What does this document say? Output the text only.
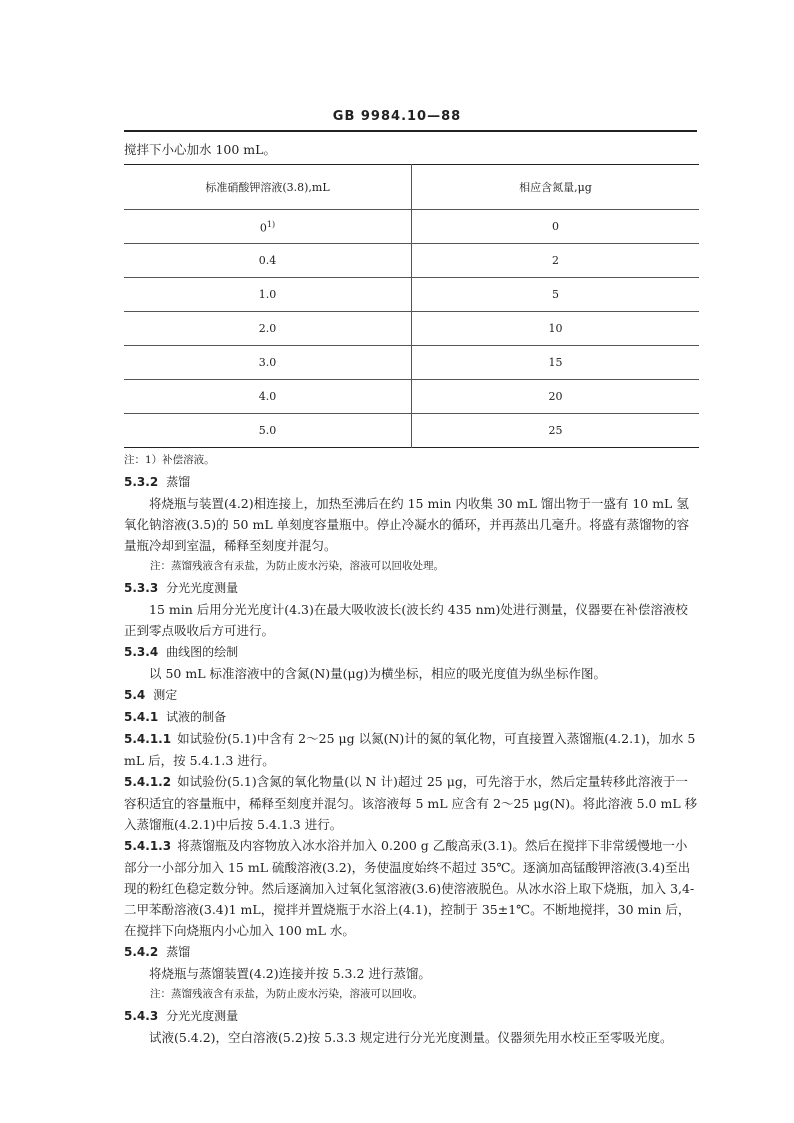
GB 9984.10—88

搅拌下小心加水 100 mL。

标准硝酸钾溶液(3.8),mL	相应含氮量,μg
0$^{1)}$	0
0.4	2
1.0	5
2.0	10
3.0	15
4.0	20
5.0	25

注：1）补偿溶液。

5.3.2 蒸馏

将烧瓶与装置(4.2)相连接上，加热至沸后在约 15 min 内收集 30 mL 馏出物于一盛有 10 mL 氢氧化钠溶液(3.5)的 50 mL 单刻度容量瓶中。停止冷凝水的循环，并再蒸出几毫升。将盛有蒸馏物的容量瓶冷却到室温，稀释至刻度并混匀。

注：蒸馏残液含有汞盐，为防止废水污染，溶液可以回收处理。

5.3.3 分光光度测量

15 min 后用分光光度计(4.3)在最大吸收波长(波长约 435 nm)处进行测量，仪器要在补偿溶液校正到零点吸收后方可进行。

5.3.4 曲线图的绘制

以 50 mL 标准溶液中的含氮(N)量(μg)为横坐标，相应的吸光度值为纵坐标作图。

5.4 测定

5.4.1 试液的制备

5.4.1.1 如试验份(5.1)中含有 2～25 μg 以氮(N)计的氮的氧化物，可直接置入蒸馏瓶(4.2.1)，加水 5 mL 后，按 5.4.1.3 进行。

5.4.1.2 如试验份(5.1)含氮的氧化物量(以 N 计)超过 25 μg，可先溶于水，然后定量转移此溶液于一容积适宜的容量瓶中，稀释至刻度并混匀。该溶液每 5 mL 应含有 2～25 μg(N)。将此溶液 5.0 mL 移入蒸馏瓶(4.2.1)中后按 5.4.1.3 进行。

5.4.1.3 将蒸馏瓶及内容物放入冰水浴并加入 0.200 g 乙酸高汞(3.1)。然后在搅拌下非常缓慢地一小部分一小部分加入 15 mL 硫酸溶液(3.2)，务使温度始终不超过 35℃。逐滴加高锰酸钾溶液(3.4)至出现的粉红色稳定数分钟。然后逐滴加入过氧化氢溶液(3.6)使溶液脱色。从冰水浴上取下烧瓶，加入 3,4-二甲苯酚溶液(3.4)1 mL，搅拌并置烧瓶于水浴上(4.1)，控制于 35±1℃。不断地搅拌，30 min 后，在搅拌下向烧瓶内小心加入 100 mL 水。

5.4.2 蒸馏

将烧瓶与蒸馏装置(4.2)连接并按 5.3.2 进行蒸馏。

注：蒸馏残液含有汞盐，为防止废水污染，溶液可以回收。

5.4.3 分光光度测量

试液(5.4.2)，空白溶液(5.2)按 5.3.3 规定进行分光光度测量。仪器须先用水校正至零吸光度。
